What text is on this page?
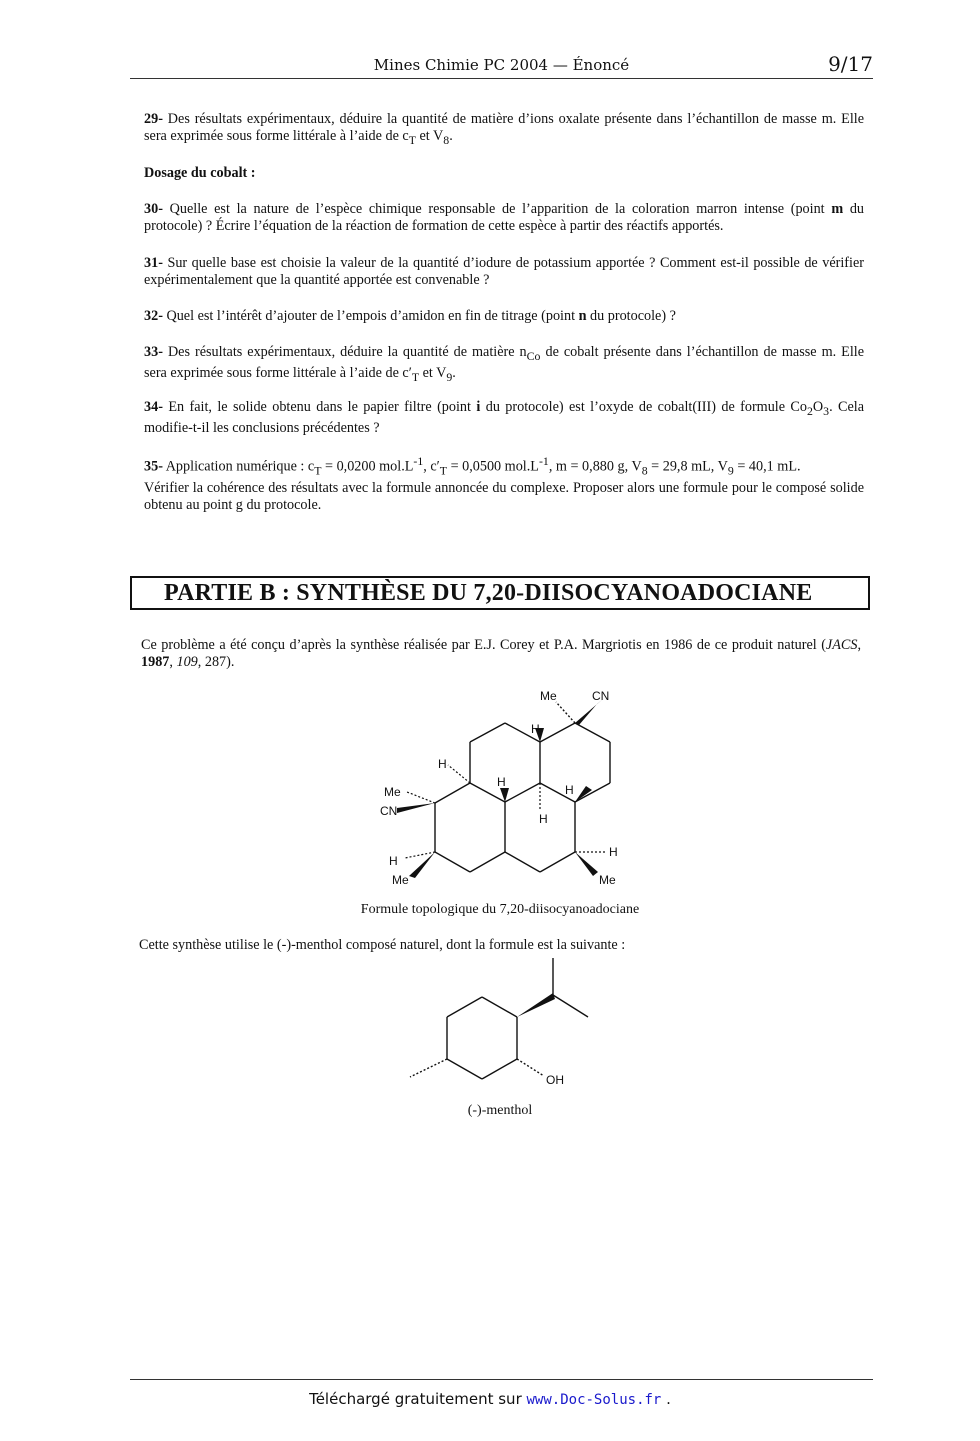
Mines Chimie PC 2004 — Énoncé	9/17
29- Des résultats expérimentaux, déduire la quantité de matière d’ions oxalate présente dans l’échantillon de masse m. Elle sera exprimée sous forme littérale à l’aide de $c_T$ et $V_8$.
Dosage du cobalt :
30- Quelle est la nature de l’espèce chimique responsable de l’apparition de la coloration marron intense (point m du protocole) ? Écrire l’équation de la réaction de formation de cette espèce à partir des réactifs apportés.
31- Sur quelle base est choisie la valeur de la quantité d’iodure de potassium apportée ? Comment est-il possible de vérifier expérimentalement que la quantité apportée est convenable ?
32- Quel est l’intérêt d’ajouter de l’empois d’amidon en fin de titrage (point n du protocole) ?
33- Des résultats expérimentaux, déduire la quantité de matière $n_{Co}$ de cobalt présente dans l’échantillon de masse m. Elle sera exprimée sous forme littérale à l’aide de $c'_T$ et $V_9$.
34- En fait, le solide obtenu dans le papier filtre (point i du protocole) est l’oxyde de cobalt(III) de formule $Co_2O_3$. Cela modifie-t-il les conclusions précédentes ?
35- Application numérique : $c_T = 0,0200$ $mol.L^{-1}$, $c'_T = 0,0500$ $mol.L^{-1}$, m = 0,880 g, $V_8 = 29,8$ mL, $V_9 = 40,1$ mL.
Vérifier la cohérence des résultats avec la formule annoncée du complexe. Proposer alors une formule pour le composé solide obtenu au point g du protocole.
PARTIE B : SYNTHÈSE DU 7,20-DIISOCYANOADOCIANE
Ce problème a été conçu d’après la synthèse réalisée par E.J. Corey et P.A. Margriotis en 1986 de ce produit naturel (JACS, 1987, 109, 287).
Me	CN
H
H
Me
CN
H
H
H
H
Me
H
Me
Formule topologique du 7,20-diisocyanoadociane
Cette synthèse utilise le (-)-menthol composé naturel, dont la formule est la suivante :
OH
(-)-menthol
Téléchargé gratuitement sur www.Doc-Solus.fr .
